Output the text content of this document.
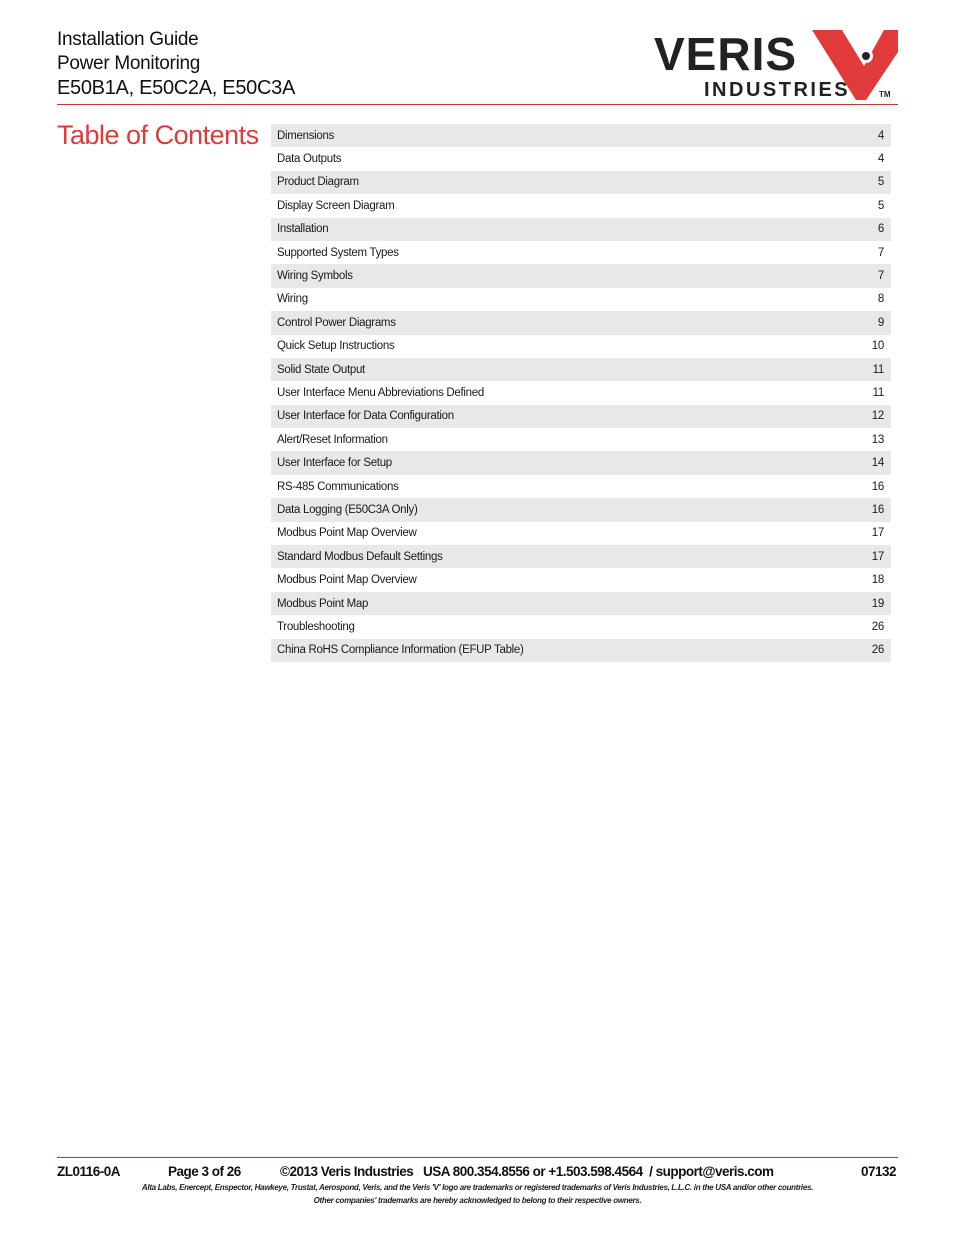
Installation Guide
Power Monitoring
E50B1A, E50C2A, E50C3A
VERIS
INDUSTRIES	TM
Table of Contents Dimensions	4
Data Outputs	4
Product Diagram	5
Display Screen Diagram	5
Installation	6
Supported System Types	7
Wiring Symbols	7
Wiring	8
Control Power Diagrams	9
Quick Setup Instructions	10
Solid State Output	11
User Interface Menu Abbreviations Defined	11
User Interface for Data Configuration	12
Alert/Reset Information	13
User Interface for Setup	14
RS-485 Communications	16
Data Logging (E50C3A Only)	16
Modbus Point Map Overview	17
Standard Modbus Default Settings	17
Modbus Point Map Overview	18
Modbus Point Map	19
Troubleshooting	26
China RoHS Compliance Information (EFUP Table)	26
ZL0116-0A	Page 3 of 26	©2013 Veris Industries   USA 800.354.8556 or +1.503.598.4564  / support@veris.com	07132
Alta Labs, Enercept, Enspector, Hawkeye, Trustat, Aerospond, Veris, and the Veris 'V' logo are trademarks or registered trademarks of Veris Industries, L.L.C. in the USA and/or other countries.
Other companies' trademarks are hereby acknowledged to belong to their respective owners.
